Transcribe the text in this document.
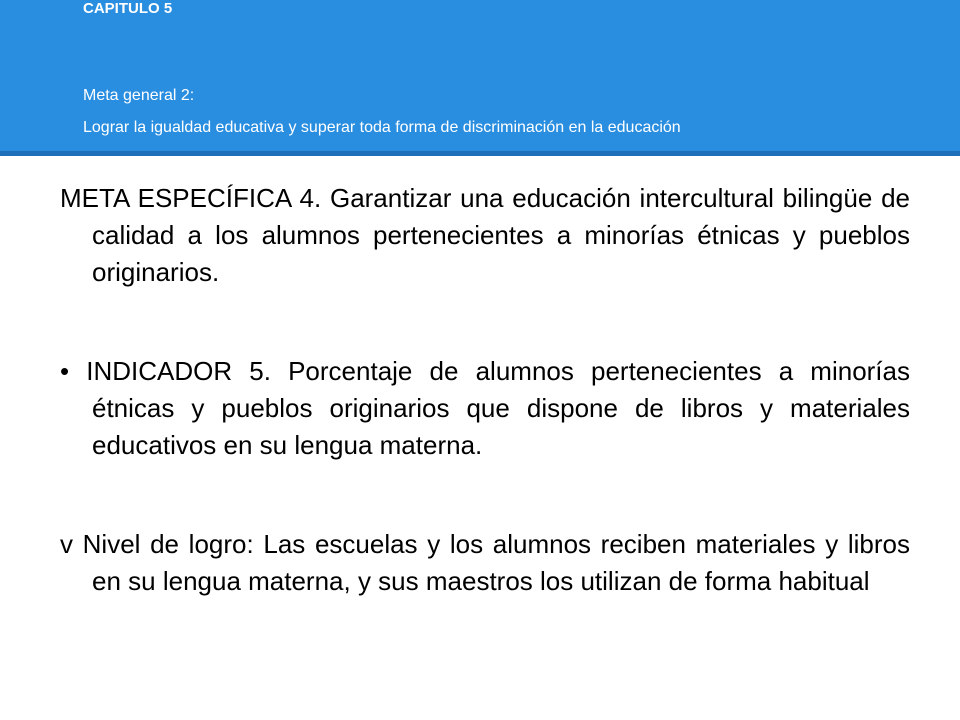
CAPITULO 5
Meta general 2:
Lograr la igualdad educativa y superar toda forma de discriminación en la educación

META ESPECÍFICA 4. Garantizar una educación intercultural bilingüe de calidad a los alumnos pertenecientes a minorías étnicas y pueblos originarios.

• INDICADOR 5. Porcentaje de alumnos pertenecientes a minorías étnicas y pueblos originarios que dispone de libros y materiales educativos en su lengua materna.

v Nivel de logro: Las escuelas y los alumnos reciben materiales y libros en su lengua materna, y sus maestros los utilizan de forma habitual
